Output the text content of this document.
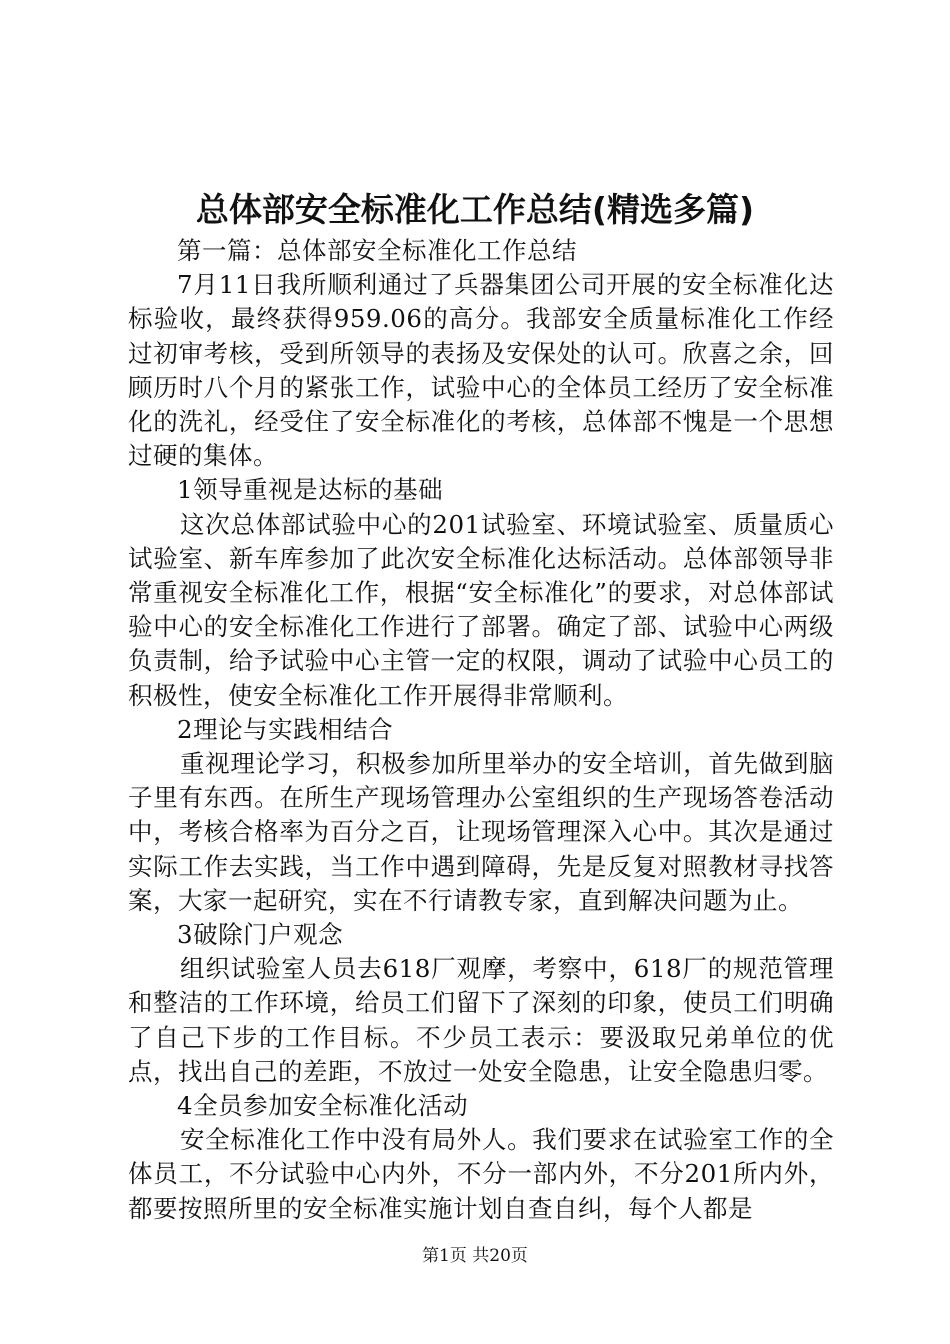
总体部安全标准化工作总结(精选多篇)

第一篇：总体部安全标准化工作总结

7月11日我所顺利通过了兵器集团公司开展的安全标准化达标验收，最终获得959.06的高分。我部安全质量标准化工作经过初审考核，受到所领导的表扬及安保处的认可。欣喜之余，回顾历时八个月的紧张工作，试验中心的全体员工经历了安全标准化的洗礼，经受住了安全标准化的考核，总体部不愧是一个思想过硬的集体。

1领导重视是达标的基础

这次总体部试验中心的201试验室、环境试验室、质量质心试验室、新车库参加了此次安全标准化达标活动。总体部领导非常重视安全标准化工作，根据“安全标准化”的要求，对总体部试验中心的安全标准化工作进行了部署。确定了部、试验中心两级负责制，给予试验中心主管一定的权限，调动了试验中心员工的积极性，使安全标准化工作开展得非常顺利。

2理论与实践相结合

重视理论学习，积极参加所里举办的安全培训，首先做到脑子里有东西。在所生产现场管理办公室组织的生产现场答卷活动中，考核合格率为百分之百，让现场管理深入心中。其次是通过实际工作去实践，当工作中遇到障碍，先是反复对照教材寻找答案，大家一起研究，实在不行请教专家，直到解决问题为止。

3破除门户观念

组织试验室人员去618厂观摩，考察中，618厂的规范管理和整洁的工作环境，给员工们留下了深刻的印象，使员工们明确了自己下步的工作目标。不少员工表示：要汲取兄弟单位的优点，找出自己的差距，不放过一处安全隐患，让安全隐患归零。

4全员参加安全标准化活动

安全标准化工作中没有局外人。我们要求在试验室工作的全体员工，不分试验中心内外，不分一部内外，不分201所内外，都要按照所里的安全标准实施计划自查自纠，每个人都是

第1页 共20页
